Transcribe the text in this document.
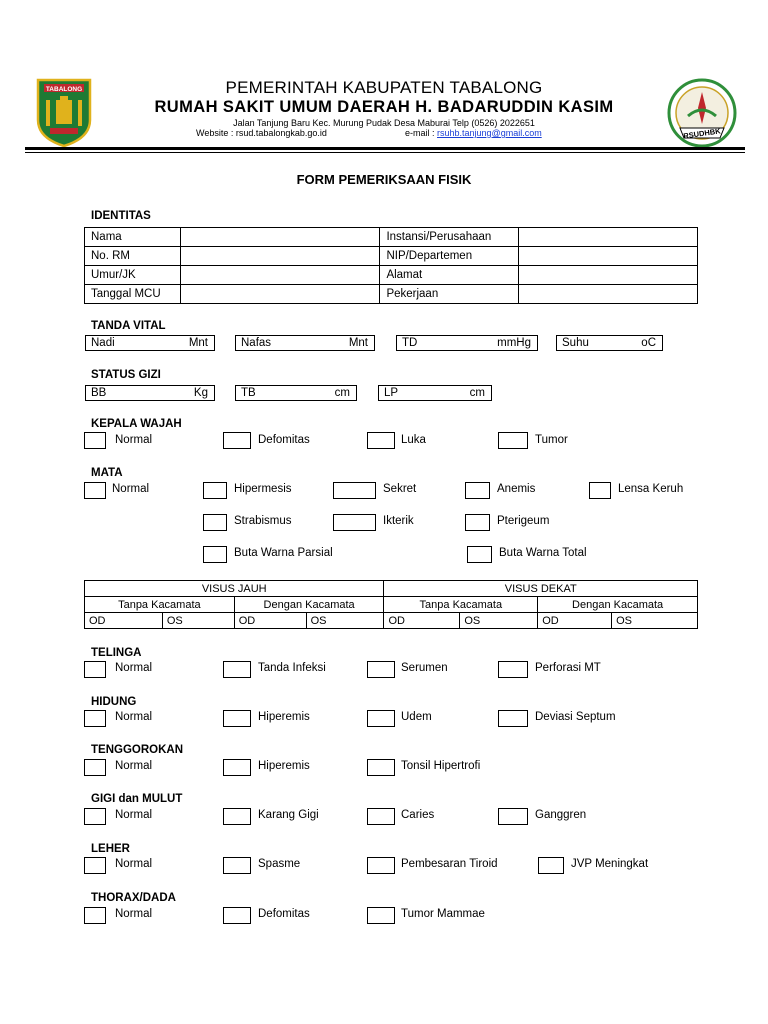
TABALONG
RSUDHBK
PEMERINTAH KABUPATEN TABALONG
RUMAH SAKIT UMUM DAERAH H. BADARUDDIN KASIM
Jalan Tanjung Baru Kec. Murung Pudak Desa Maburai Telp (0526) 2022651
Website : rsud.tabalongkab.go.id	e-mail : rsuhb.tanjung@gmail.com
FORM PEMERIKSAAN FISIK
IDENTITAS
Nama		Instansi/Perusahaan	
No. RM		NIP/Departemen	
Umur/JK		Alamat	
Tanggal MCU		Pekerjaan	
TANDA VITAL
Nadi	Mnt	Nafas	Mnt	TD	mmHg	Suhu	oC
STATUS GIZI
BB	Kg	TB	cm	LP	cm
KEPALA WAJAH
Normal	Defomitas	Luka	Tumor
MATA
Normal	Hipermesis	Sekret	Anemis	Lensa Keruh
Strabismus	Ikterik	Pterigeum
Buta Warna Parsial	Buta Warna Total
VISUS JAUH				VISUS DEKAT			
Tanpa Kacamata		Dengan Kacamata		Tanpa Kacamata		Dengan Kacamata	
OD	OS	OD	OS	OD	OS	OD	OS
TELINGA
Normal	Tanda Infeksi	Serumen	Perforasi MT
HIDUNG
Normal	Hiperemis	Udem	Deviasi Septum
TENGGOROKAN
Normal	Hiperemis	Tonsil Hipertrofi
GIGI dan MULUT
Normal	Karang Gigi	Caries	Ganggren
LEHER
Normal	Spasme	Pembesaran Tiroid	JVP Meningkat
THORAX/DADA
Normal	Defomitas	Tumor Mammae
